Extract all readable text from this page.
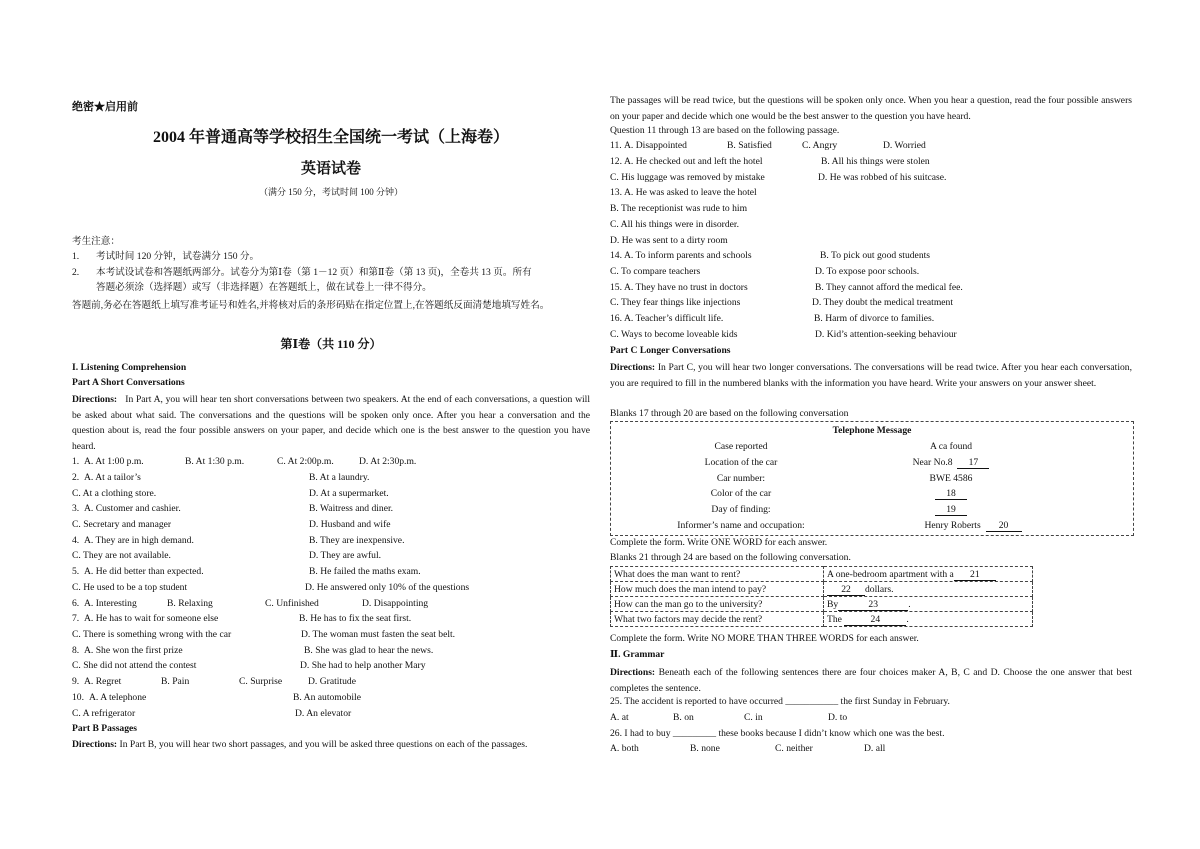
绝密★启用前
2004 年普通高等学校招生全国统一考试（上海卷）
英语试卷
（满分 150 分，考试时间 100 分钟）
考生注意：
1. 考试时间 120 分钟，试卷满分 150 分。
2. 本考试设试卷和答题纸两部分。试卷分为第Ⅰ卷（第 1－12 页）和第Ⅱ卷（第 13 页)，全卷共 13 页。所有
答题必须涂（选择题）或写（非选择题）在答题纸上，做在试卷上一律不得分。
答题前,务必在答题纸上填写准考证号和姓名,并将核对后的条形码贴在指定位置上,在答题纸反面清楚地填写姓名。
第Ⅰ卷（共 110 分）
I. Listening Comprehension
Part A Short Conversations
Directions: In Part A, you will hear ten short conversations between two speakers. At the end of each conversations, a question will be asked about what said. The conversations and the questions will be spoken only once. After you hear a conversation and the question about is, read the four possible answers on your paper, and decide which one is the best answer to the question you have heard.
1. A. At 1:00 p.m.	B. At 1:30 p.m.	C. At 2:00p.m.	D. At 2:30p.m.
2. A. At a tailor’s	B. At a laundry.
C. At a clothing store.	D. At a supermarket.
3. A. Customer and cashier.	B. Waitress and diner.
C. Secretary and manager	D. Husband and wife
4. A. They are in high demand.	B. They are inexpensive.
C. They are not available.	D. They are awful.
5. A. He did better than expected.	B. He failed the maths exam.
C. He used to be a top student	D. He answered only 10% of the questions
6. A. Interesting	B. Relaxing	C. Unfinished	D. Disappointing
7. A. He has to wait for someone else	B. He has to fix the seat first.
C. There is something wrong with the car	D. The woman must fasten the seat belt.
8. A. She won the first prize	B. She was glad to hear the news.
C. She did not attend the contest	D. She had to help another Mary
9. A. Regret	B. Pain	C. Surprise	D. Gratitude
10. A. A telephone	B. An automobile
C. A refrigerator	D. An elevator
Part B Passages
Directions: In Part B, you will hear two short passages, and you will be asked three questions on each of the passages.
The passages will be read twice, but the questions will be spoken only once. When you hear a question, read the four possible answers on your paper and decide which one would be the best answer to the question you have heard.
Question 11 through 13 are based on the following passage.
11. A. Disappointed	B. Satisfied	C. Angry	D. Worried
12. A. He checked out and left the hotel	B. All his things were stolen
C. His luggage was removed by mistake	D. He was robbed of his suitcase.
13. A. He was asked to leave the hotel
B. The receptionist was rude to him
C. All his things were in disorder.
D. He was sent to a dirty room
14. A. To inform parents and schools	B. To pick out good students
C. To compare teachers	D. To expose poor schools.
15. A. They have no trust in doctors	B. They cannot afford the medical fee.
C. They fear things like injections	D. They doubt the medical treatment
16. A. Teacher’s difficult life.	B. Harm of divorce to families.
C. Ways to become loveable kids	D. Kid’s attention-seeking behaviour
Part C Longer Conversations
Directions: In Part C, you will hear two longer conversations. The conversations will be read twice. After you hear each conversation, you are required to fill in the numbered blanks with the information you have heard. Write your answers on your answer sheet.
Blanks 17 through 20 are based on the following conversation
Telephone Message
Case reported	A ca found
Location of the car	Near No.8 17
Car number:	BWE 4586
Color of the car	18
Day of finding:	19
Informer’s name and occupation:	Henry Roberts 20
Complete the form. Write ONE WORD for each answer.
Blanks 21 through 24 are based on the following conversation.
What does the man want to rent?	A one-bedroom apartment with a 21
How much does the man intend to pay?	22 dollars.
How can the man go to the university?	By 23 .
What two factors may decide the rent?	The 24 .
Complete the form. Write NO MORE THAN THREE WORDS for each answer.
Ⅱ. Grammar
Directions: Beneath each of the following sentences there are four choices maker A, B, C and D. Choose the one answer that best completes the sentence.
25. The accident is reported to have occurred ___________ the first Sunday in February.
A. at	B. on	C. in	D. to
26. I had to buy _________ these books because I didn’t know which one was the best.
A. both	B. none	C. neither	D. all
